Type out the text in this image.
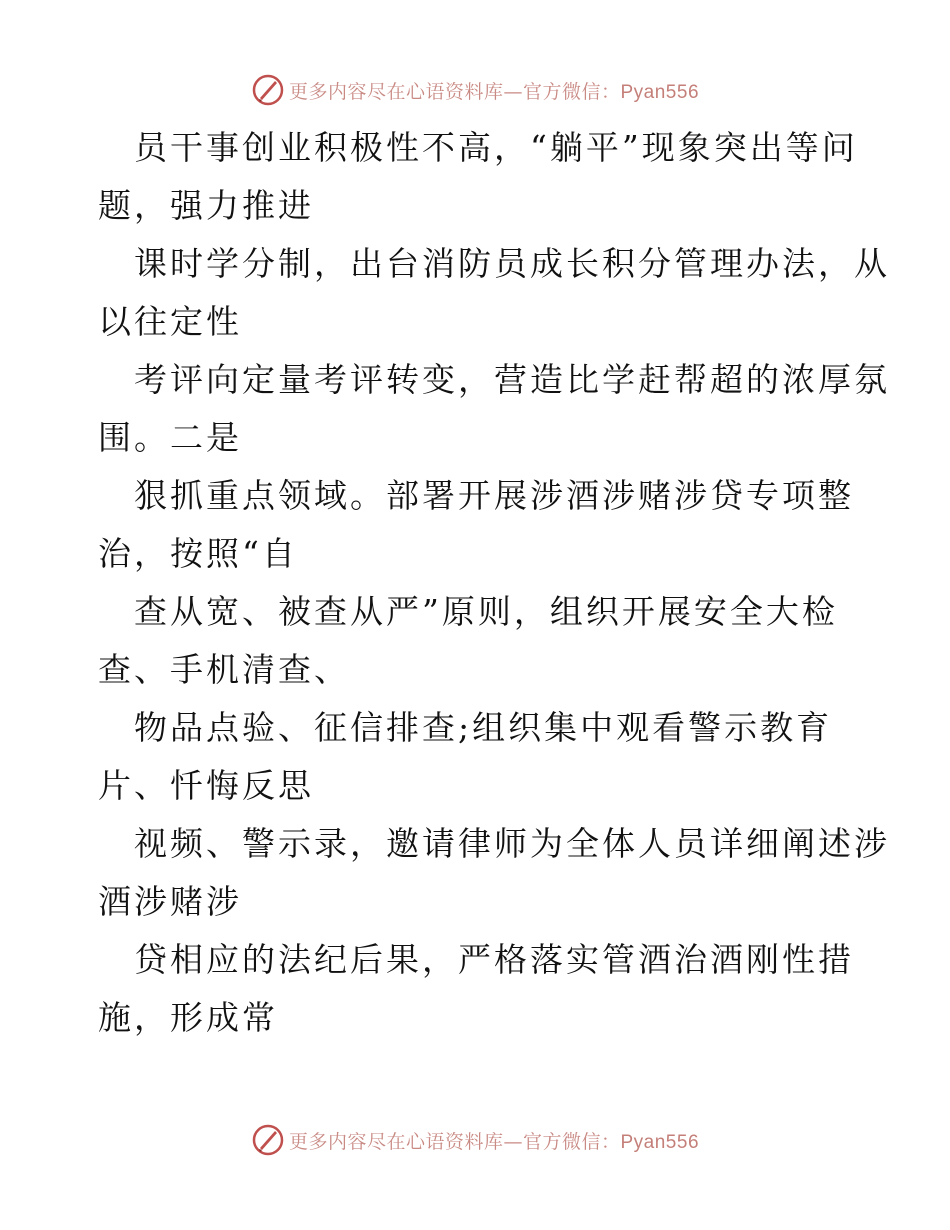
更多内容尽在心语资料库—官方微信：Pyan556
员干事创业积极性不高，“躺平”现象突出等问
题，强力推进
课时学分制，出台消防员成长积分管理办法，从
以往定性
考评向定量考评转变，营造比学赶帮超的浓厚氛
围。二是
狠抓重点领域。部署开展涉酒涉赌涉贷专项整
治，按照“自
查从宽、被查从严”原则，组织开展安全大检
查、手机清查、
物品点验、征信排查;组织集中观看警示教育
片、忏悔反思
视频、警示录，邀请律师为全体人员详细阐述涉
酒涉赌涉
贷相应的法纪后果，严格落实管酒治酒刚性措
施，形成常
更多内容尽在心语资料库—官方微信：Pyan556
